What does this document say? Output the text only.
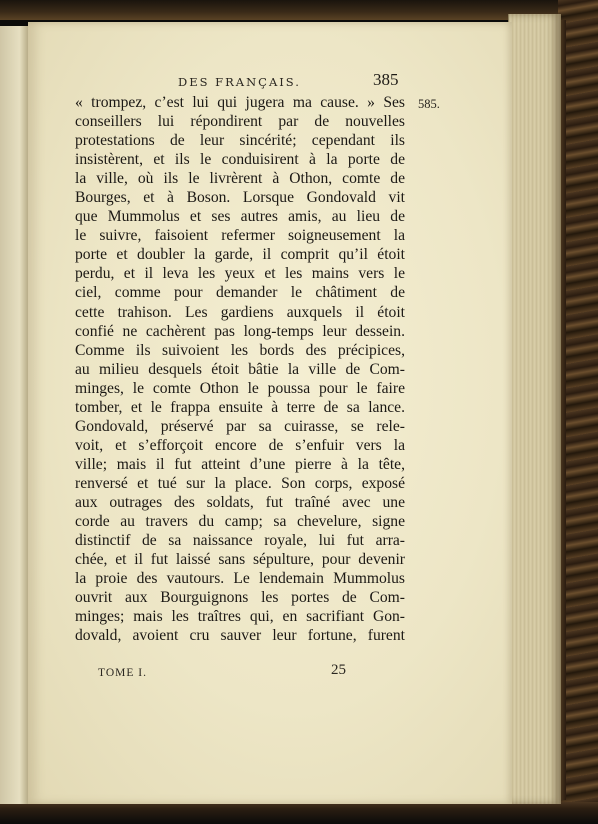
DES FRANÇAIS.	385
585.
« trompez, c’est lui qui jugera ma cause. » Ses
conseillers lui répondirent par de nouvelles
protestations de leur sincérité; cependant ils
insistèrent, et ils le conduisirent à la porte de
la ville, où ils le livrèrent à Othon, comte de
Bourges, et à Boson. Lorsque Gondovald vit
que Mummolus et ses autres amis, au lieu de
le suivre, faisoient refermer soigneusement la
porte et doubler la garde, il comprit qu’il étoit
perdu, et il leva les yeux et les mains vers le
ciel, comme pour demander le châtiment de
cette trahison. Les gardiens auxquels il étoit
confié ne cachèrent pas long-temps leur dessein.
Comme ils suivoient les bords des précipices,
au milieu desquels étoit bâtie la ville de Com-
minges, le comte Othon le poussa pour le faire
tomber, et le frappa ensuite à terre de sa lance.
Gondovald, préservé par sa cuirasse, se rele-
voit, et s’efforçoit encore de s’enfuir vers la
ville; mais il fut atteint d’une pierre à la tête,
renversé et tué sur la place. Son corps, exposé
aux outrages des soldats, fut traîné avec une
corde au travers du camp; sa chevelure, signe
distinctif de sa naissance royale, lui fut arra-
chée, et il fut laissé sans sépulture, pour devenir
la proie des vautours. Le lendemain Mummolus
ouvrit aux Bourguignons les portes de Com-
minges; mais les traîtres qui, en sacrifiant Gon-
dovald, avoient cru sauver leur fortune, furent
TOME I.	25
